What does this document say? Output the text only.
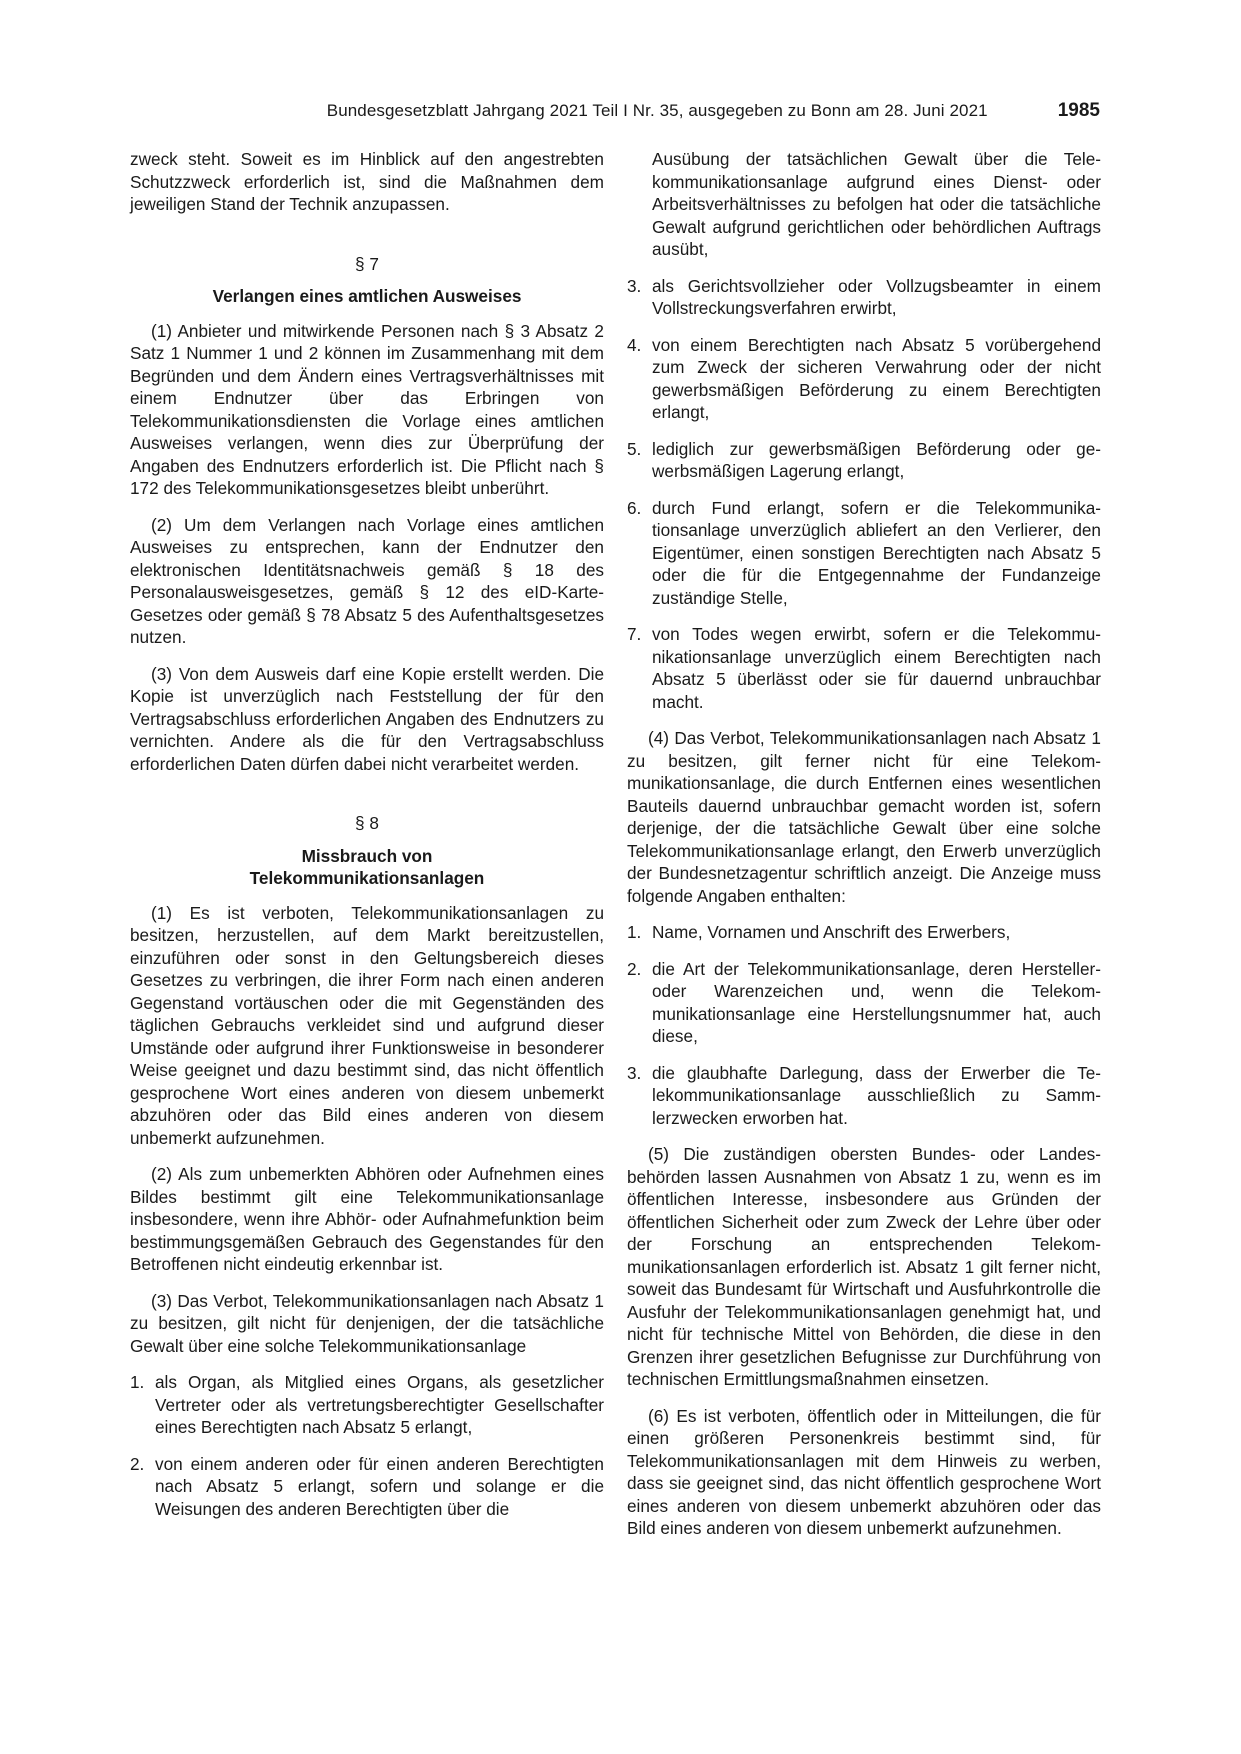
Bundesgesetzblatt Jahrgang 2021 Teil I Nr. 35, ausgegeben zu Bonn am 28. Juni 2021	1985

zweck steht. Soweit es im Hinblick auf den angestrebten Schutzzweck erforderlich ist, sind die Maßnahmen dem jeweiligen Stand der Technik anzupassen.

§ 7

Verlangen eines amtlichen Ausweises

(1) Anbieter und mitwirkende Personen nach § 3 Absatz 2 Satz 1 Nummer 1 und 2 können im Zusammenhang mit dem Begründen und dem Ändern eines Vertragsverhältnisses mit einem Endnutzer über das Erbringen von Telekommunikationsdiensten die Vorlage eines amtlichen Ausweises verlangen, wenn dies zur Überprüfung der Angaben des Endnutzers erforderlich ist. Die Pflicht nach § 172 des Telekommunikationsgesetzes bleibt unberührt.

(2) Um dem Verlangen nach Vorlage eines amtlichen Ausweises zu entsprechen, kann der Endnutzer den elektronischen Identitätsnachweis gemäß § 18 des Personalausweisgesetzes, gemäß § 12 des eID-Karte-Gesetzes oder gemäß § 78 Absatz 5 des Aufenthaltsgesetzes nutzen.

(3) Von dem Ausweis darf eine Kopie erstellt werden. Die Kopie ist unverzüglich nach Feststellung der für den Vertragsabschluss erforderlichen Angaben des Endnutzers zu vernichten. Andere als die für den Vertragsabschluss erforderlichen Daten dürfen dabei nicht verarbeitet werden.

§ 8

Missbrauch von
Telekommunikationsanlagen

(1) Es ist verboten, Telekommunikationsanlagen zu besitzen, herzustellen, auf dem Markt bereitzustellen, einzuführen oder sonst in den Geltungsbereich dieses Gesetzes zu verbringen, die ihrer Form nach einen anderen Gegenstand vortäuschen oder die mit Gegenständen des täglichen Gebrauchs verkleidet sind und aufgrund dieser Umstände oder aufgrund ihrer Funktionsweise in besonderer Weise geeignet und dazu bestimmt sind, das nicht öffentlich gesprochene Wort eines anderen von diesem unbemerkt abzuhören oder das Bild eines anderen von diesem unbemerkt aufzunehmen.

(2) Als zum unbemerkten Abhören oder Aufnehmen eines Bildes bestimmt gilt eine Telekommunikationsanlage insbesondere, wenn ihre Abhör- oder Aufnahmefunktion beim bestimmungsgemäßen Gebrauch des Gegenstandes für den Betroffenen nicht eindeutig erkennbar ist.

(3) Das Verbot, Telekommunikationsanlagen nach Absatz 1 zu besitzen, gilt nicht für denjenigen, der die tatsächliche Gewalt über eine solche Telekommunikationsanlage

1. als Organ, als Mitglied eines Organs, als gesetzlicher Vertreter oder als vertretungsberechtigter Gesellschafter eines Berechtigten nach Absatz 5 erlangt,
2. von einem anderen oder für einen anderen Berechtigten nach Absatz 5 erlangt, sofern und solange er die Weisungen des anderen Berechtigten über die

Ausübung der tatsächlichen Gewalt über die Telekommunikationsanlage aufgrund eines Dienst- oder Arbeitsverhältnisses zu befolgen hat oder die tatsächliche Gewalt aufgrund gerichtlichen oder behördlichen Auftrags ausübt,

3. als Gerichtsvollzieher oder Vollzugsbeamter in einem Vollstreckungsverfahren erwirbt,
4. von einem Berechtigten nach Absatz 5 vorübergehend zum Zweck der sicheren Verwahrung oder der nicht gewerbsmäßigen Beförderung zu einem Berechtigten erlangt,
5. lediglich zur gewerbsmäßigen Beförderung oder gewerbsmäßigen Lagerung erlangt,
6. durch Fund erlangt, sofern er die Telekommunikationsanlage unverzüglich abliefert an den Verlierer, den Eigentümer, einen sonstigen Berechtigten nach Absatz 5 oder die für die Entgegennahme der Fundanzeige zuständige Stelle,
7. von Todes wegen erwirbt, sofern er die Telekommunikationsanlage unverzüglich einem Berechtigten nach Absatz 5 überlässt oder sie für dauernd unbrauchbar macht.

(4) Das Verbot, Telekommunikationsanlagen nach Absatz 1 zu besitzen, gilt ferner nicht für eine Telekommunikationsanlage, die durch Entfernen eines wesentlichen Bauteils dauernd unbrauchbar gemacht worden ist, sofern derjenige, der die tatsächliche Gewalt über eine solche Telekommunikationsanlage erlangt, den Erwerb unverzüglich der Bundesnetzagentur schriftlich anzeigt. Die Anzeige muss folgende Angaben enthalten:

1. Name, Vornamen und Anschrift des Erwerbers,
2. die Art der Telekommunikationsanlage, deren Hersteller- oder Warenzeichen und, wenn die Telekommunikationsanlage eine Herstellungsnummer hat, auch diese,
3. die glaubhafte Darlegung, dass der Erwerber die Telekommunikationsanlage ausschließlich zu Sammlerzwecken erworben hat.

(5) Die zuständigen obersten Bundes- oder Landesbehörden lassen Ausnahmen von Absatz 1 zu, wenn es im öffentlichen Interesse, insbesondere aus Gründen der öffentlichen Sicherheit oder zum Zweck der Lehre über oder der Forschung an entsprechenden Telekommunikationsanlagen erforderlich ist. Absatz 1 gilt ferner nicht, soweit das Bundesamt für Wirtschaft und Ausfuhrkontrolle die Ausfuhr der Telekommunikationsanlagen genehmigt hat, und nicht für technische Mittel von Behörden, die diese in den Grenzen ihrer gesetzlichen Befugnisse zur Durchführung von technischen Ermittlungsmaßnahmen einsetzen.

(6) Es ist verboten, öffentlich oder in Mitteilungen, die für einen größeren Personenkreis bestimmt sind, für Telekommunikationsanlagen mit dem Hinweis zu werben, dass sie geeignet sind, das nicht öffentlich gesprochene Wort eines anderen von diesem unbemerkt abzuhören oder das Bild eines anderen von diesem unbemerkt aufzunehmen.
